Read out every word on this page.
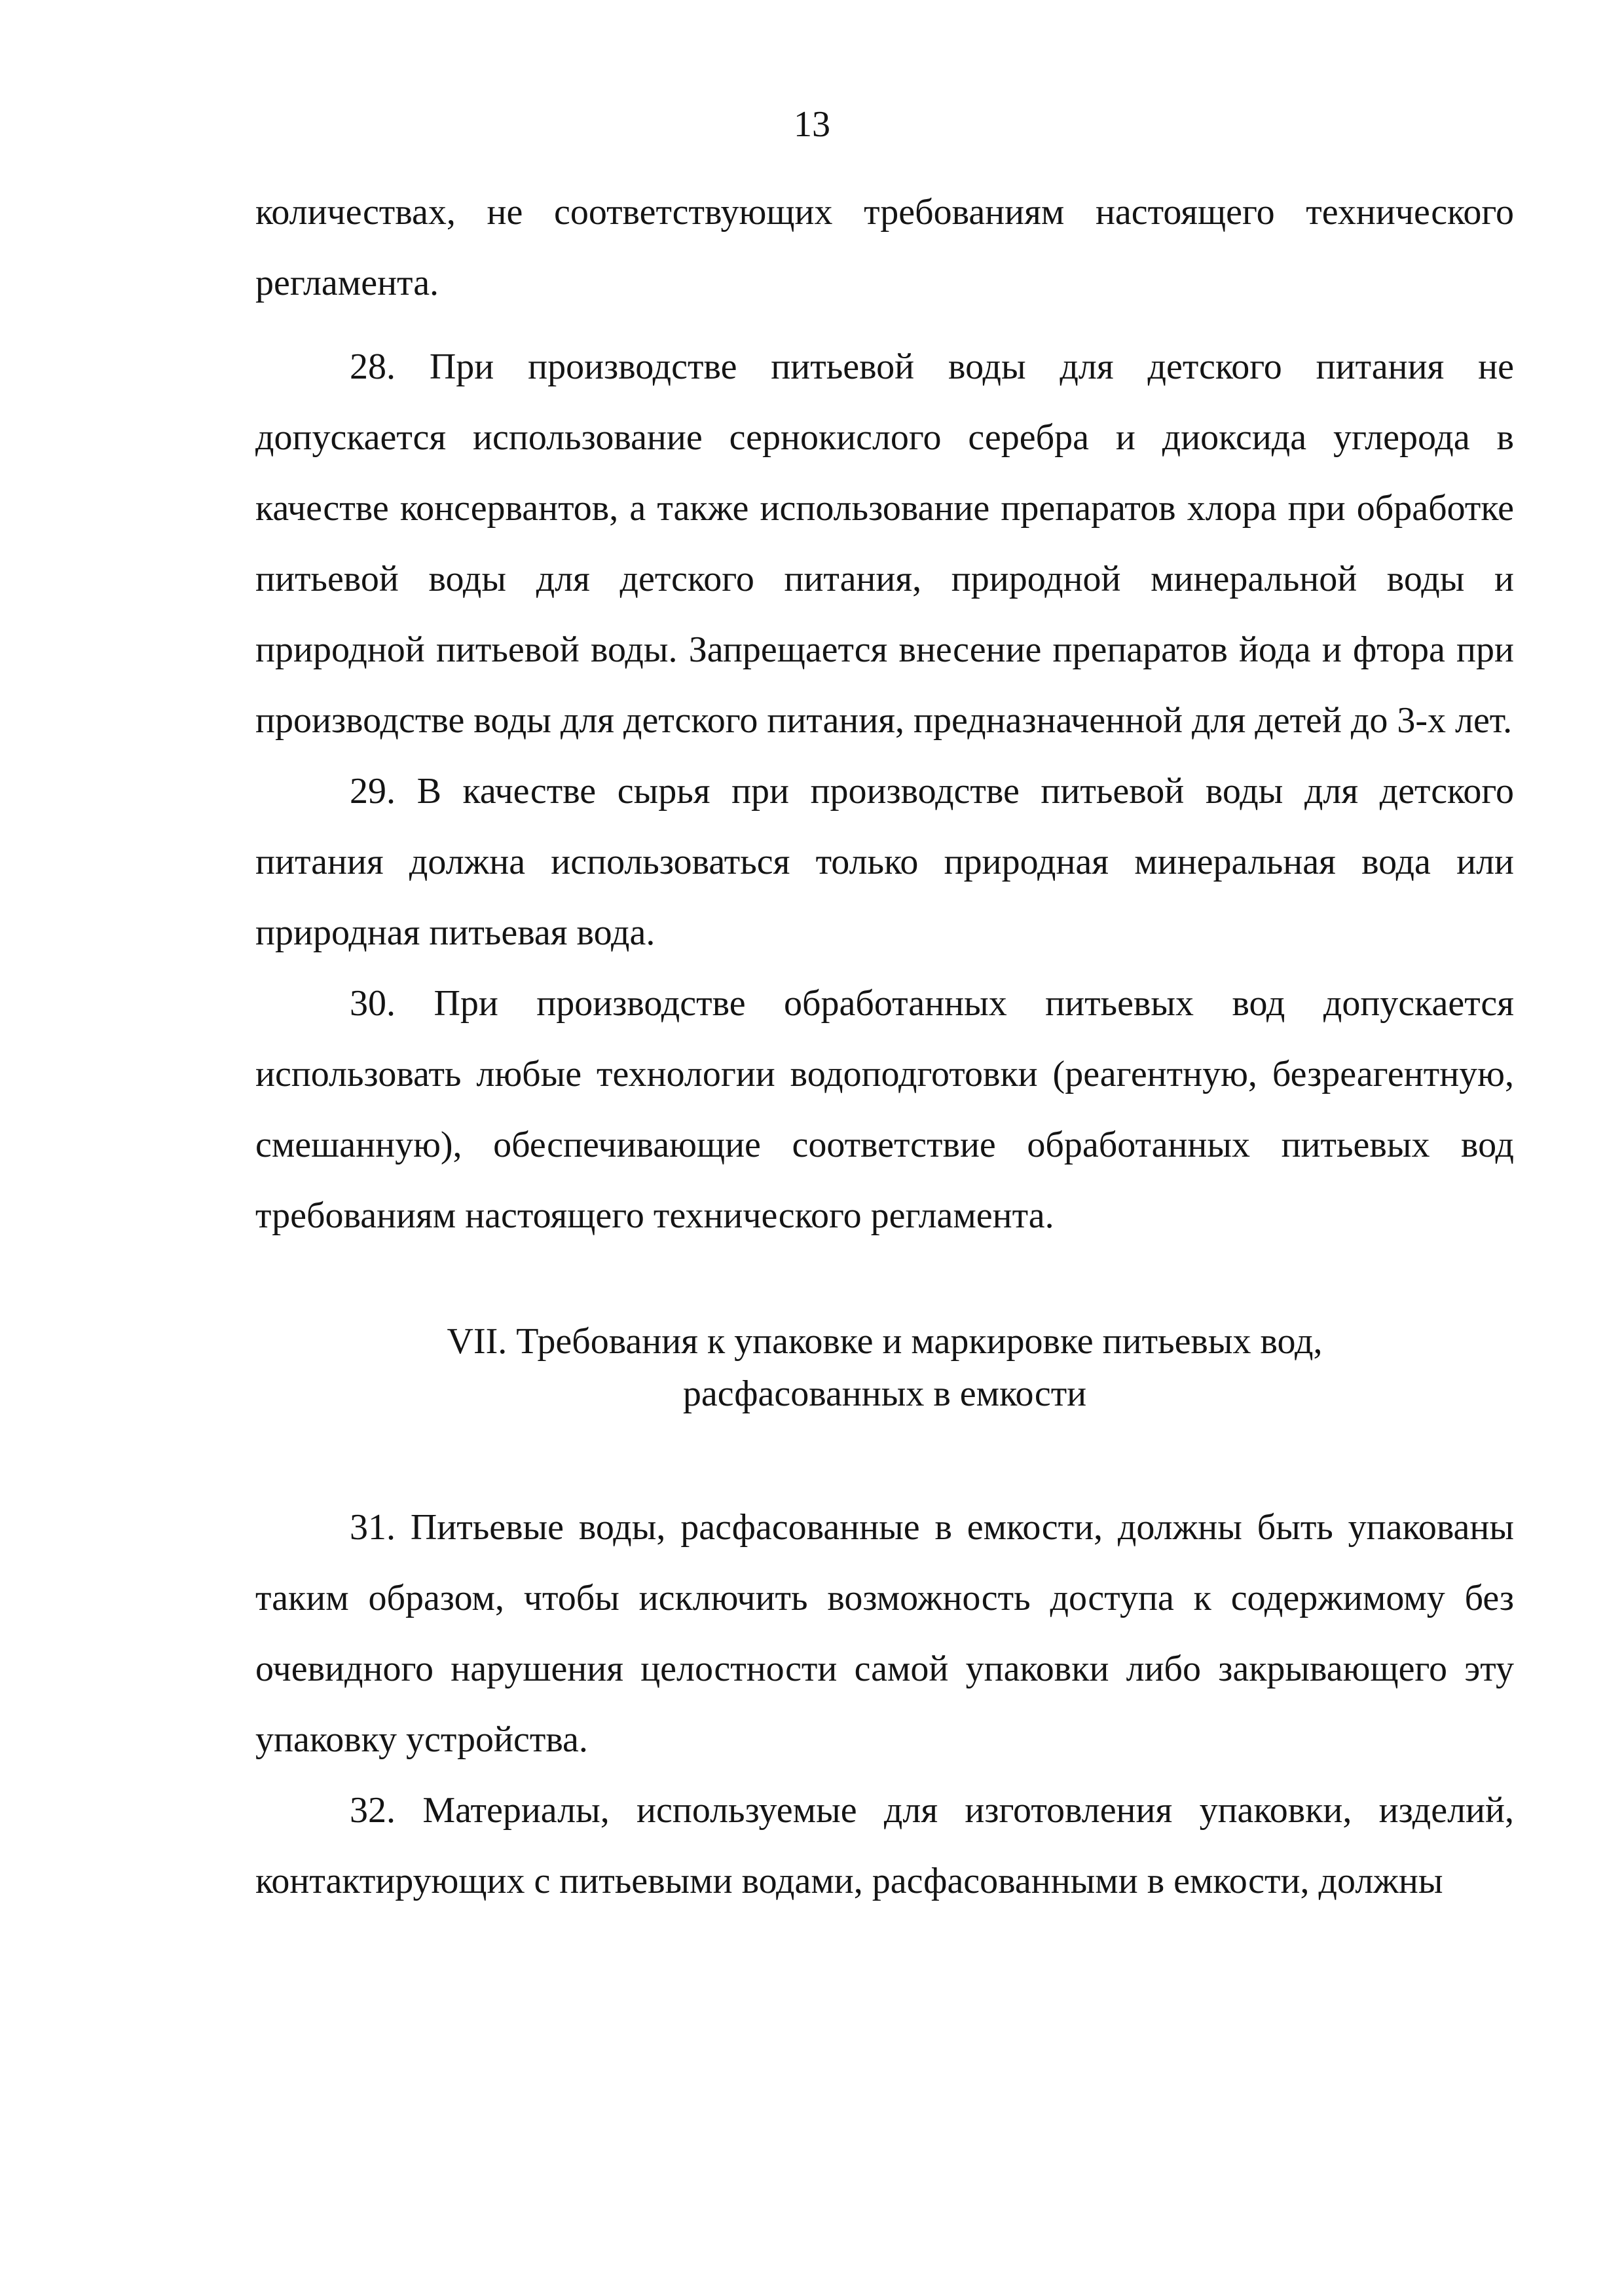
13

количествах, не соответствующих требованиям настоящего технического регламента.

28. При производстве питьевой воды для детского питания не допускается использование сернокислого серебра и диоксида углерода в качестве консервантов, а также использование препаратов хлора при обработке питьевой воды для детского питания, природной минеральной воды и природной питьевой воды. Запрещается внесение препаратов йода и фтора при производстве воды для детского питания, предназначенной для детей до 3-х лет.

29. В качестве сырья при производстве питьевой воды для детского питания должна использоваться только природная минеральная вода или природная питьевая вода.

30. При производстве обработанных питьевых вод допускается использовать любые технологии водоподготовки (реагентную, безреагентную, смешанную), обеспечивающие соответствие обработанных питьевых вод требованиям настоящего технического регламента.

VII. Требования к упаковке и маркировке питьевых вод,
расфасованных в емкости

31. Питьевые воды, расфасованные в емкости, должны быть упакованы таким образом, чтобы исключить возможность доступа к содержимому без очевидного нарушения целостности самой упаковки либо закрывающего эту упаковку устройства.

32. Материалы, используемые для изготовления упаковки, изделий, контактирующих с питьевыми водами, расфасованными в емкости, должны
